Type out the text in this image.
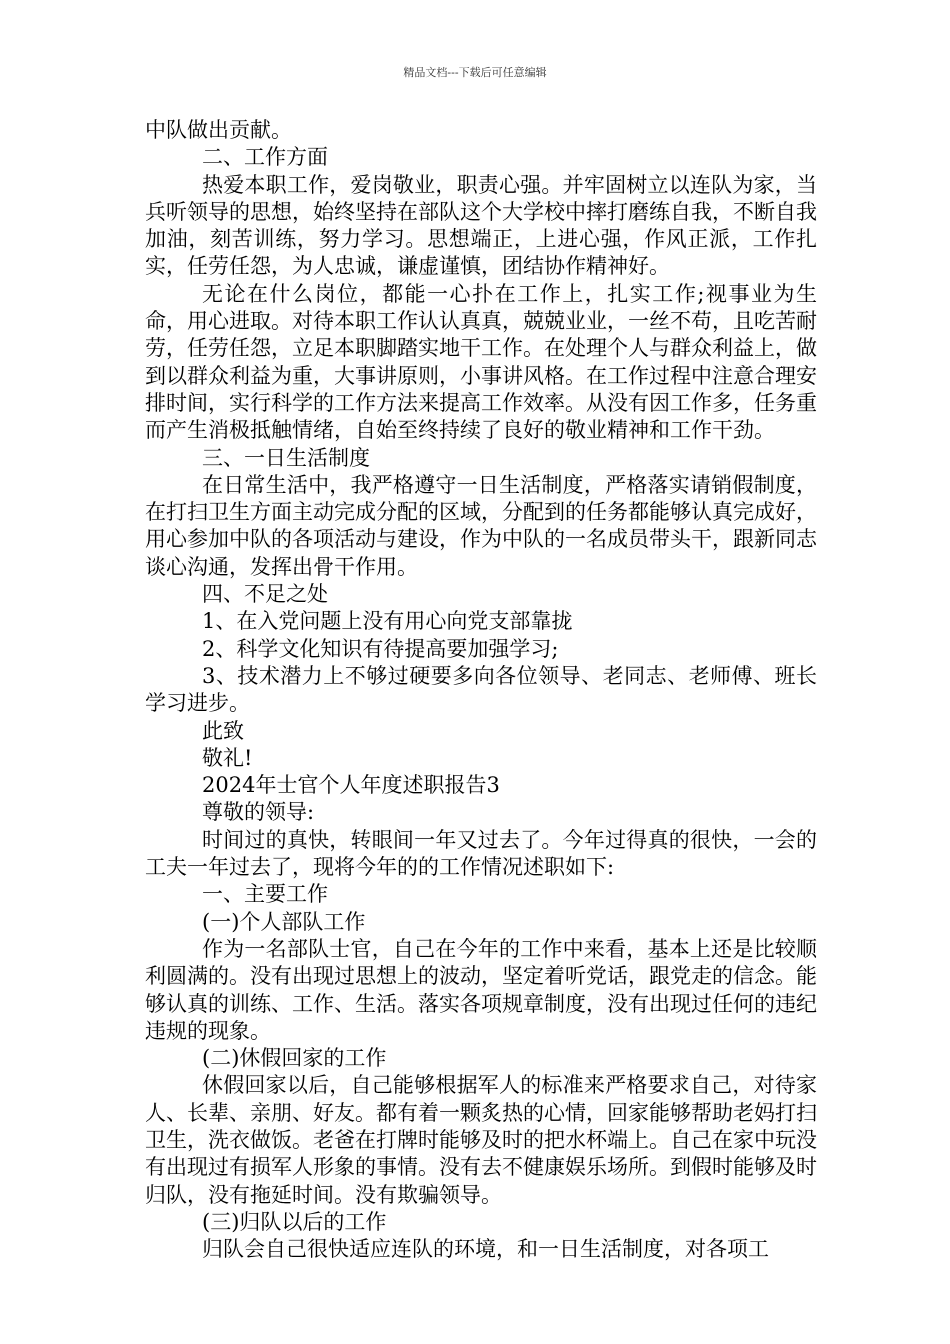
精品文档---下载后可任意编辑

中队做出贡献。

二、工作方面

热爱本职工作，爱岗敬业，职责心强。并牢固树立以连队为家，当兵听领导的思想，始终坚持在部队这个大学校中摔打磨练自我，不断自我加油，刻苦训练，努力学习。思想端正，上进心强，作风正派，工作扎实，任劳任怨，为人忠诚，谦虚谨慎，团结协作精神好。

无论在什么岗位，都能一心扑在工作上，扎实工作;视事业为生命，用心进取。对待本职工作认认真真，兢兢业业，一丝不苟，且吃苦耐劳，任劳任怨，立足本职脚踏实地干工作。在处理个人与群众利益上，做到以群众利益为重，大事讲原则，小事讲风格。在工作过程中注意合理安排时间，实行科学的工作方法来提高工作效率。从没有因工作多，任务重而产生消极抵触情绪，自始至终持续了良好的敬业精神和工作干劲。

三、一日生活制度

在日常生活中，我严格遵守一日生活制度，严格落实请销假制度，在打扫卫生方面主动完成分配的区域，分配到的任务都能够认真完成好，用心参加中队的各项活动与建设，作为中队的一名成员带头干，跟新同志谈心沟通，发挥出骨干作用。

四、不足之处

1、在入党问题上没有用心向党支部靠拢

2、科学文化知识有待提高要加强学习;

3、技术潜力上不够过硬要多向各位领导、老同志、老师傅、班长学习进步。

此致

敬礼!

2024年士官个人年度述职报告3

尊敬的领导:

时间过的真快，转眼间一年又过去了。今年过得真的很快，一会的工夫一年过去了，现将今年的的工作情况述职如下:

一、主要工作

(一)个人部队工作

作为一名部队士官，自己在今年的工作中来看，基本上还是比较顺利圆满的。没有出现过思想上的波动，坚定着听党话，跟党走的信念。能够认真的训练、工作、生活。落实各项规章制度，没有出现过任何的违纪违规的现象。

(二)休假回家的工作

休假回家以后，自己能够根据军人的标准来严格要求自己，对待家人、长辈、亲朋、好友。都有着一颗炙热的心情，回家能够帮助老妈打扫卫生，洗衣做饭。老爸在打牌时能够及时的把水杯端上。自己在家中玩没有出现过有损军人形象的事情。没有去不健康娱乐场所。到假时能够及时归队，没有拖延时间。没有欺骗领导。

(三)归队以后的工作

归队会自己很快适应连队的环境，和一日生活制度，对各项工
